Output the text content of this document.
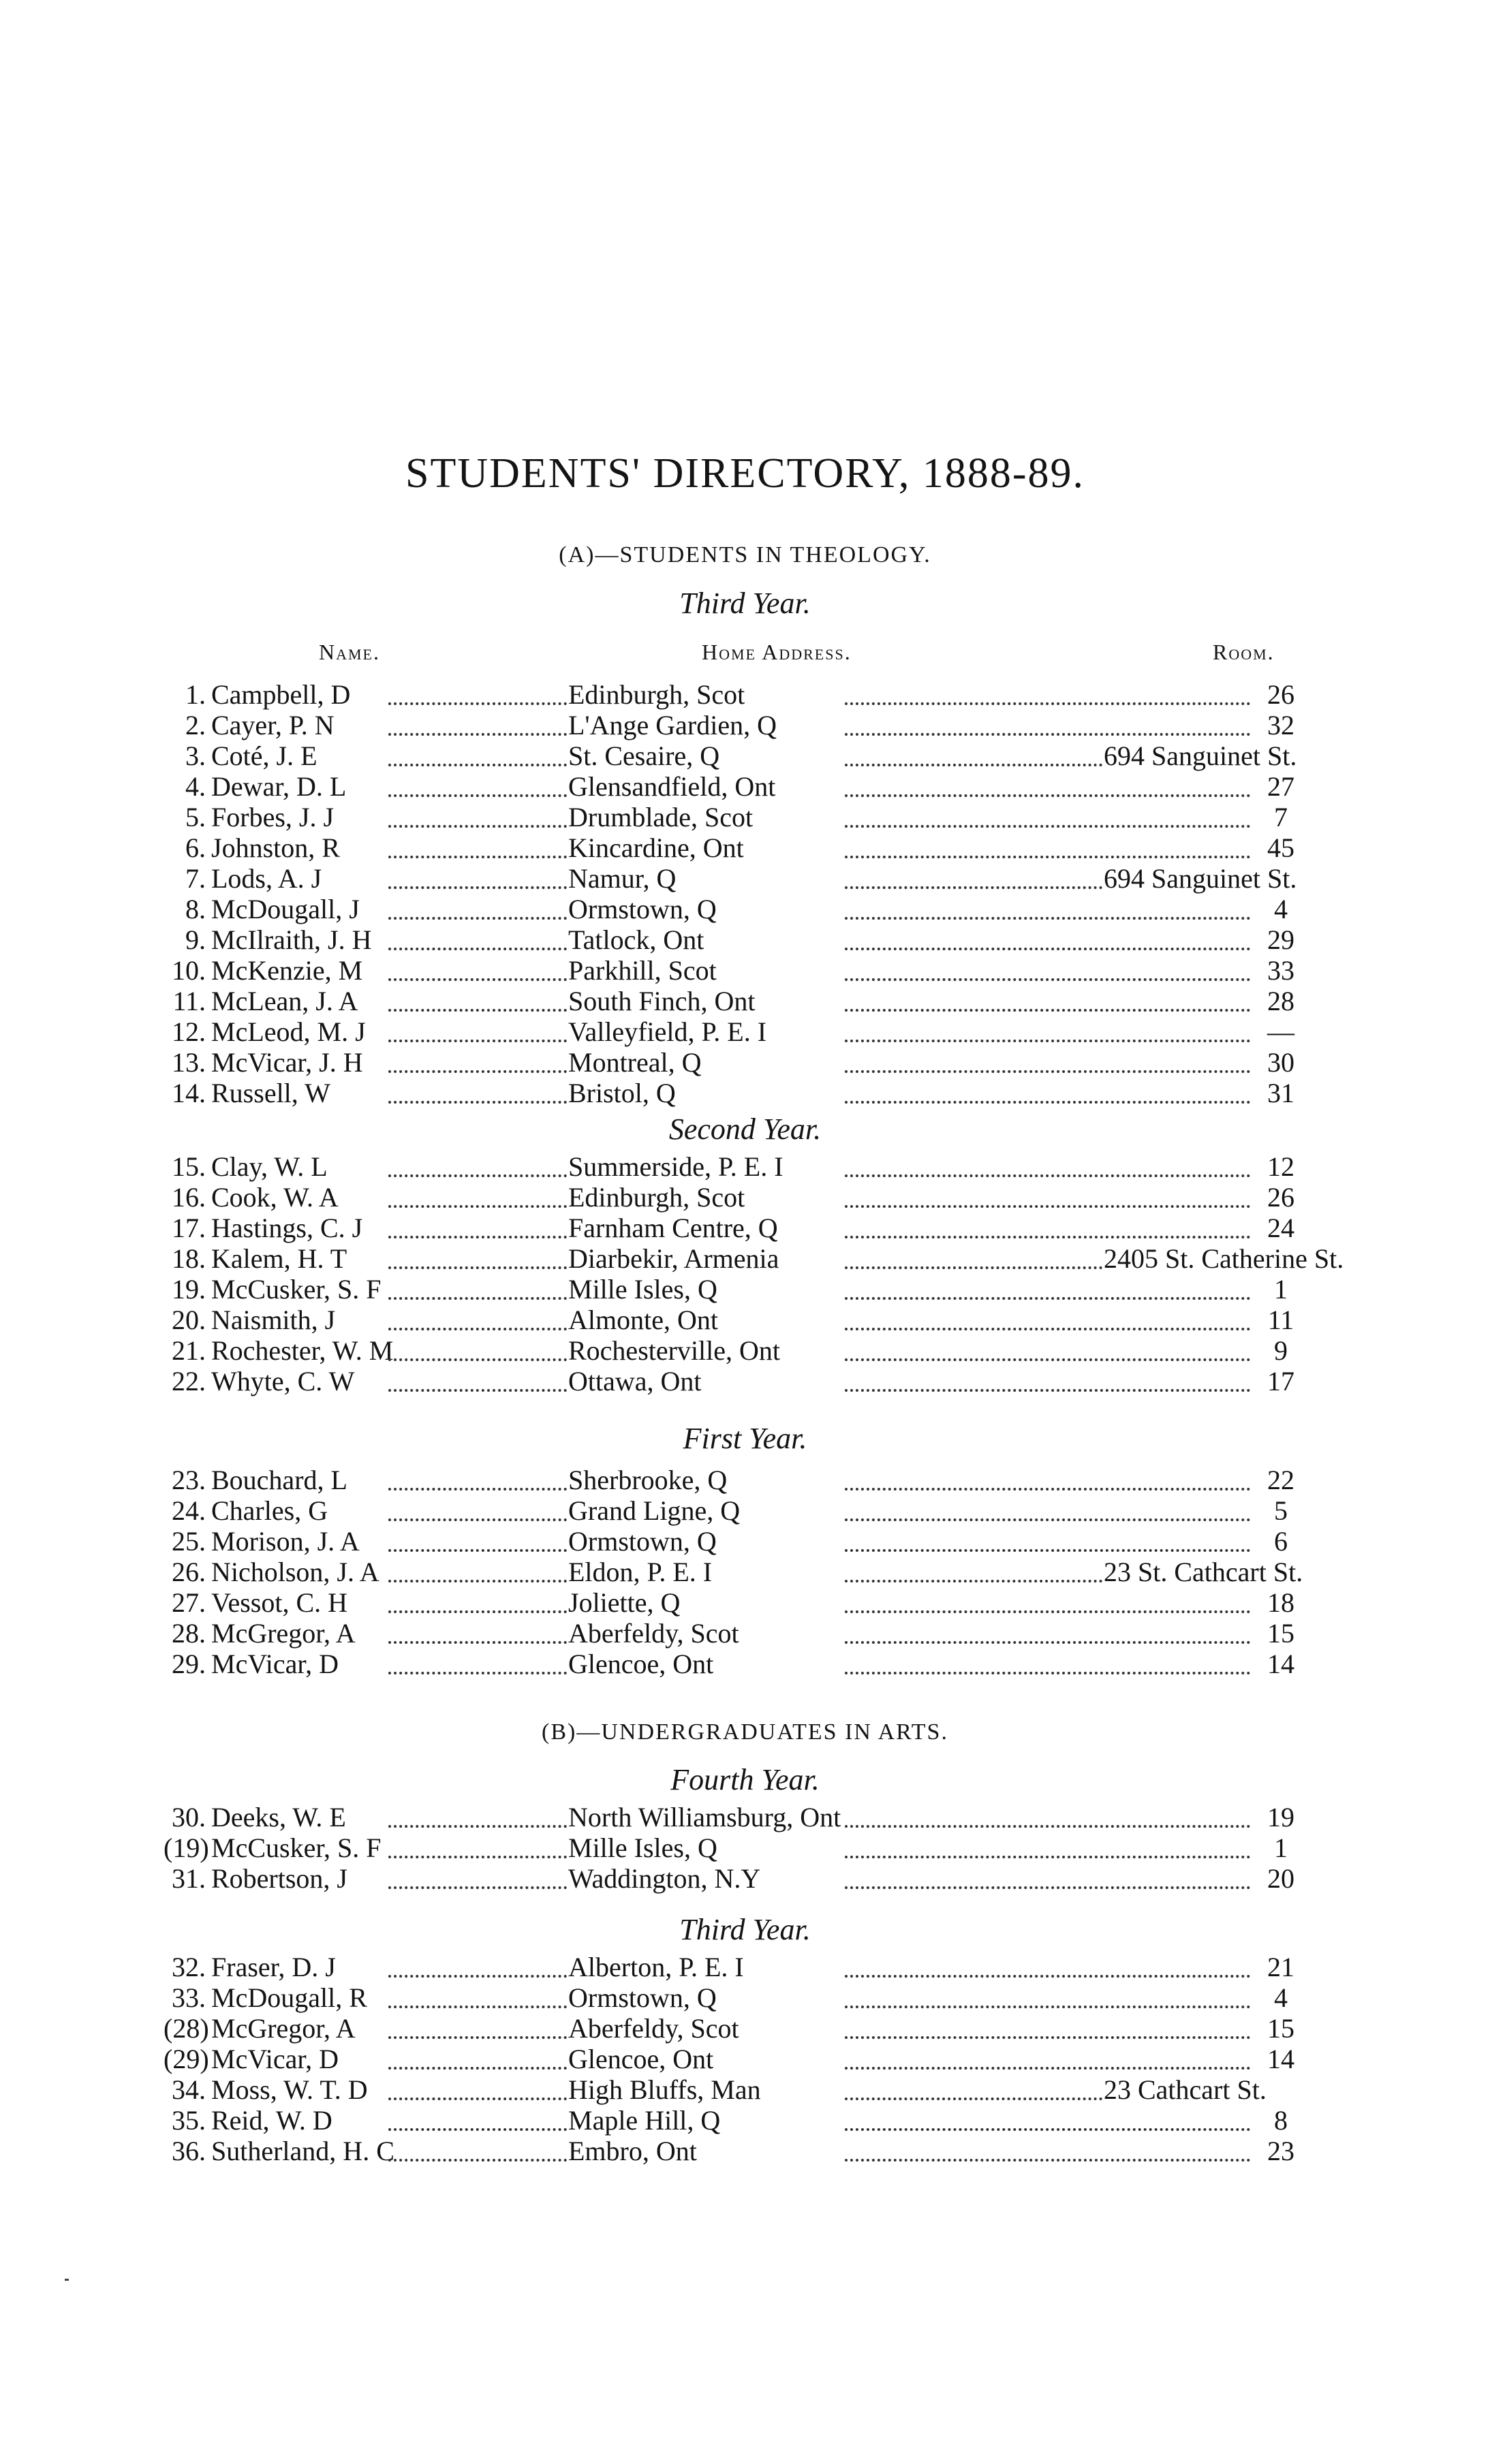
STUDENTS' DIRECTORY, 1888-89.
(A)—STUDENTS IN THEOLOGY.
Third Year.
Name.	Home Address.	Room.
Second Year.
First Year.
(B)—UNDERGRADUATES IN ARTS.
Fourth Year.
Third Year.
1. Campbell, D	Edinburgh, Scot	26
2. Cayer, P. N	L'Ange Gardien, Q	32
3. Coté, J. E	St. Cesaire, Q	694 Sanguinet St.
4. Dewar, D. L	Glensandfield, Ont	27
5. Forbes, J. J	Drumblade, Scot	7
6. Johnston, R	Kincardine, Ont	45
7. Lods, A. J	Namur, Q	694 Sanguinet St.
8. McDougall, J	Ormstown, Q	4
9. McIlraith, J. H	Tatlock, Ont	29
10. McKenzie, M	Parkhill, Scot	33
11. McLean, J. A	South Finch, Ont	28
12. McLeod, M. J	Valleyfield, P. E. I	—
13. McVicar, J. H	Montreal, Q	30
14. Russell, W	Bristol, Q	31
15. Clay, W. L	Summerside, P. E. I	12
16. Cook, W. A	Edinburgh, Scot	26
17. Hastings, C. J	Farnham Centre, Q	24
18. Kalem, H. T	Diarbekir, Armenia	2405 St. Catherine St.
19. McCusker, S. F	Mille Isles, Q	1
20. Naismith, J	Almonte, Ont	11
21. Rochester, W. M	Rochesterville, Ont	9
22. Whyte, C. W	Ottawa, Ont	17
23. Bouchard, L	Sherbrooke, Q	22
24. Charles, G	Grand Ligne, Q	5
25. Morison, J. A	Ormstown, Q	6
26. Nicholson, J. A	Eldon, P. E. I	23 St. Cathcart St.
27. Vessot, C. H	Joliette, Q	18
28. McGregor, A	Aberfeldy, Scot	15
29. McVicar, D	Glencoe, Ont	14
30. Deeks, W. E	North Williamsburg, Ont	19
(19) McCusker, S. F	Mille Isles, Q	1
31. Robertson, J	Waddington, N.Y	20
32. Fraser, D. J	Alberton, P. E. I	21
33. McDougall, R	Ormstown, Q	4
(28) McGregor, A	Aberfeldy, Scot	15
(29) McVicar, D	Glencoe, Ont	14
34. Moss, W. T. D	High Bluffs, Man	23 Cathcart St.
35. Reid, W. D	Maple Hill, Q	8
36. Sutherland, H. C	Embro, Ont	23
